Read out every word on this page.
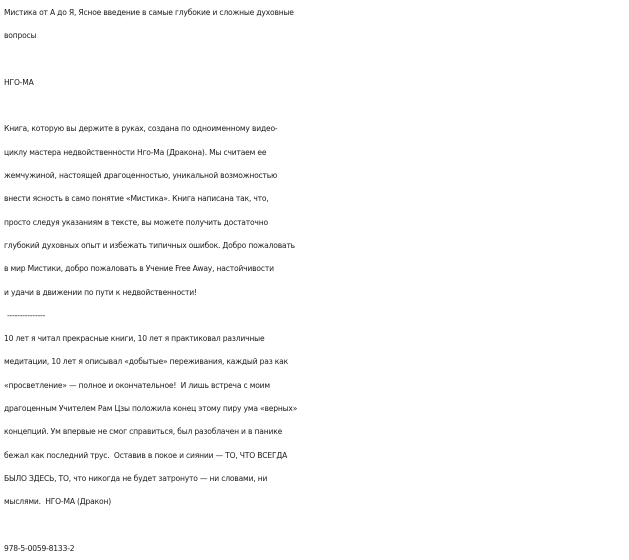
Мистика от А до Я, Ясное введение в самые глубокие и сложные духовные
вопросы
НГО-МА
Книга, которую вы держите в руках, создана по одноименному видео-
циклу мастера недвойственности Нго-Ма (Дракона). Мы считаем ее
жемчужиной, настоящей драгоценностью, уникальной возможностью
внести ясность в само понятие «Мистика». Книга написана так, что,
просто следуя указаниям в тексте, вы можете получить достаточно
глубокий духовных опыт и избежать типичных ошибок. Добро пожаловать
в мир Мистики, добро пожаловать в Учение Free Away, настойчивости
и удачи в движении по пути к недвойственности!
---------------
10 лет я читал прекрасные книги, 10 лет я практиковал различные
медитации, 10 лет я описывал «добытые» переживания, каждый раз как
«просветление» — полное и окончательное!  И лишь встреча с моим
драгоценным Учителем Рам Цзы положила конец этому пиру ума «верных»
концепций. Ум впервые не смог справиться, был разоблачен и в панике
бежал как последний трус.  Оставив в покое и сиянии — ТО, ЧТО ВСЕГДА
БЫЛО ЗДЕСЬ, ТО, что никогда не будет затронуто — ни словами, ни
мыслями.  НГО-МА (Дракон)
978-5-0059-8133-2
